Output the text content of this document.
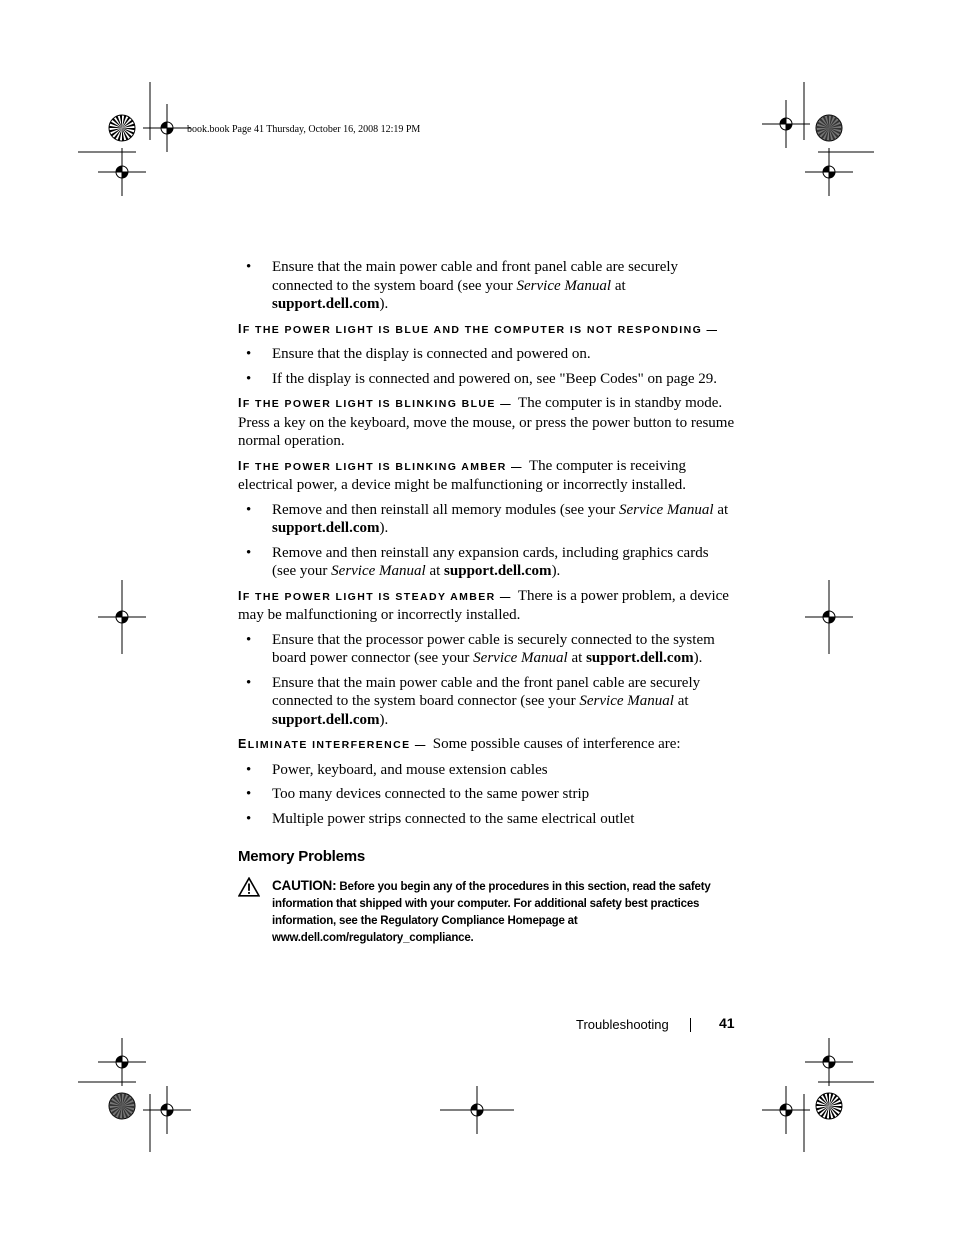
book.book Page 41 Thursday, October 16, 2008 12:19 PM
• Ensure that the main power cable and front panel cable are securely connected to the system board (see your Service Manual at support.dell.com).
IF THE POWER LIGHT IS BLUE AND THE COMPUTER IS NOT RESPONDING —
• Ensure that the display is connected and powered on.
• If the display is connected and powered on, see "Beep Codes" on page 29.
IF THE POWER LIGHT IS BLINKING BLUE — The computer is in standby mode. Press a key on the keyboard, move the mouse, or press the power button to resume normal operation.
IF THE POWER LIGHT IS BLINKING AMBER — The computer is receiving electrical power, a device might be malfunctioning or incorrectly installed.
• Remove and then reinstall all memory modules (see your Service Manual at support.dell.com).
• Remove and then reinstall any expansion cards, including graphics cards (see your Service Manual at support.dell.com).
IF THE POWER LIGHT IS STEADY AMBER — There is a power problem, a device may be malfunctioning or incorrectly installed.
• Ensure that the processor power cable is securely connected to the system board power connector (see your Service Manual at support.dell.com).
• Ensure that the main power cable and the front panel cable are securely connected to the system board connector (see your Service Manual at support.dell.com).
ELIMINATE INTERFERENCE — Some possible causes of interference are:
• Power, keyboard, and mouse extension cables
• Too many devices connected to the same power strip
• Multiple power strips connected to the same electrical outlet
Memory Problems
CAUTION: Before you begin any of the procedures in this section, read the safety information that shipped with your computer. For additional safety best practices information, see the Regulatory Compliance Homepage at www.dell.com/regulatory_compliance.
Troubleshooting	41
